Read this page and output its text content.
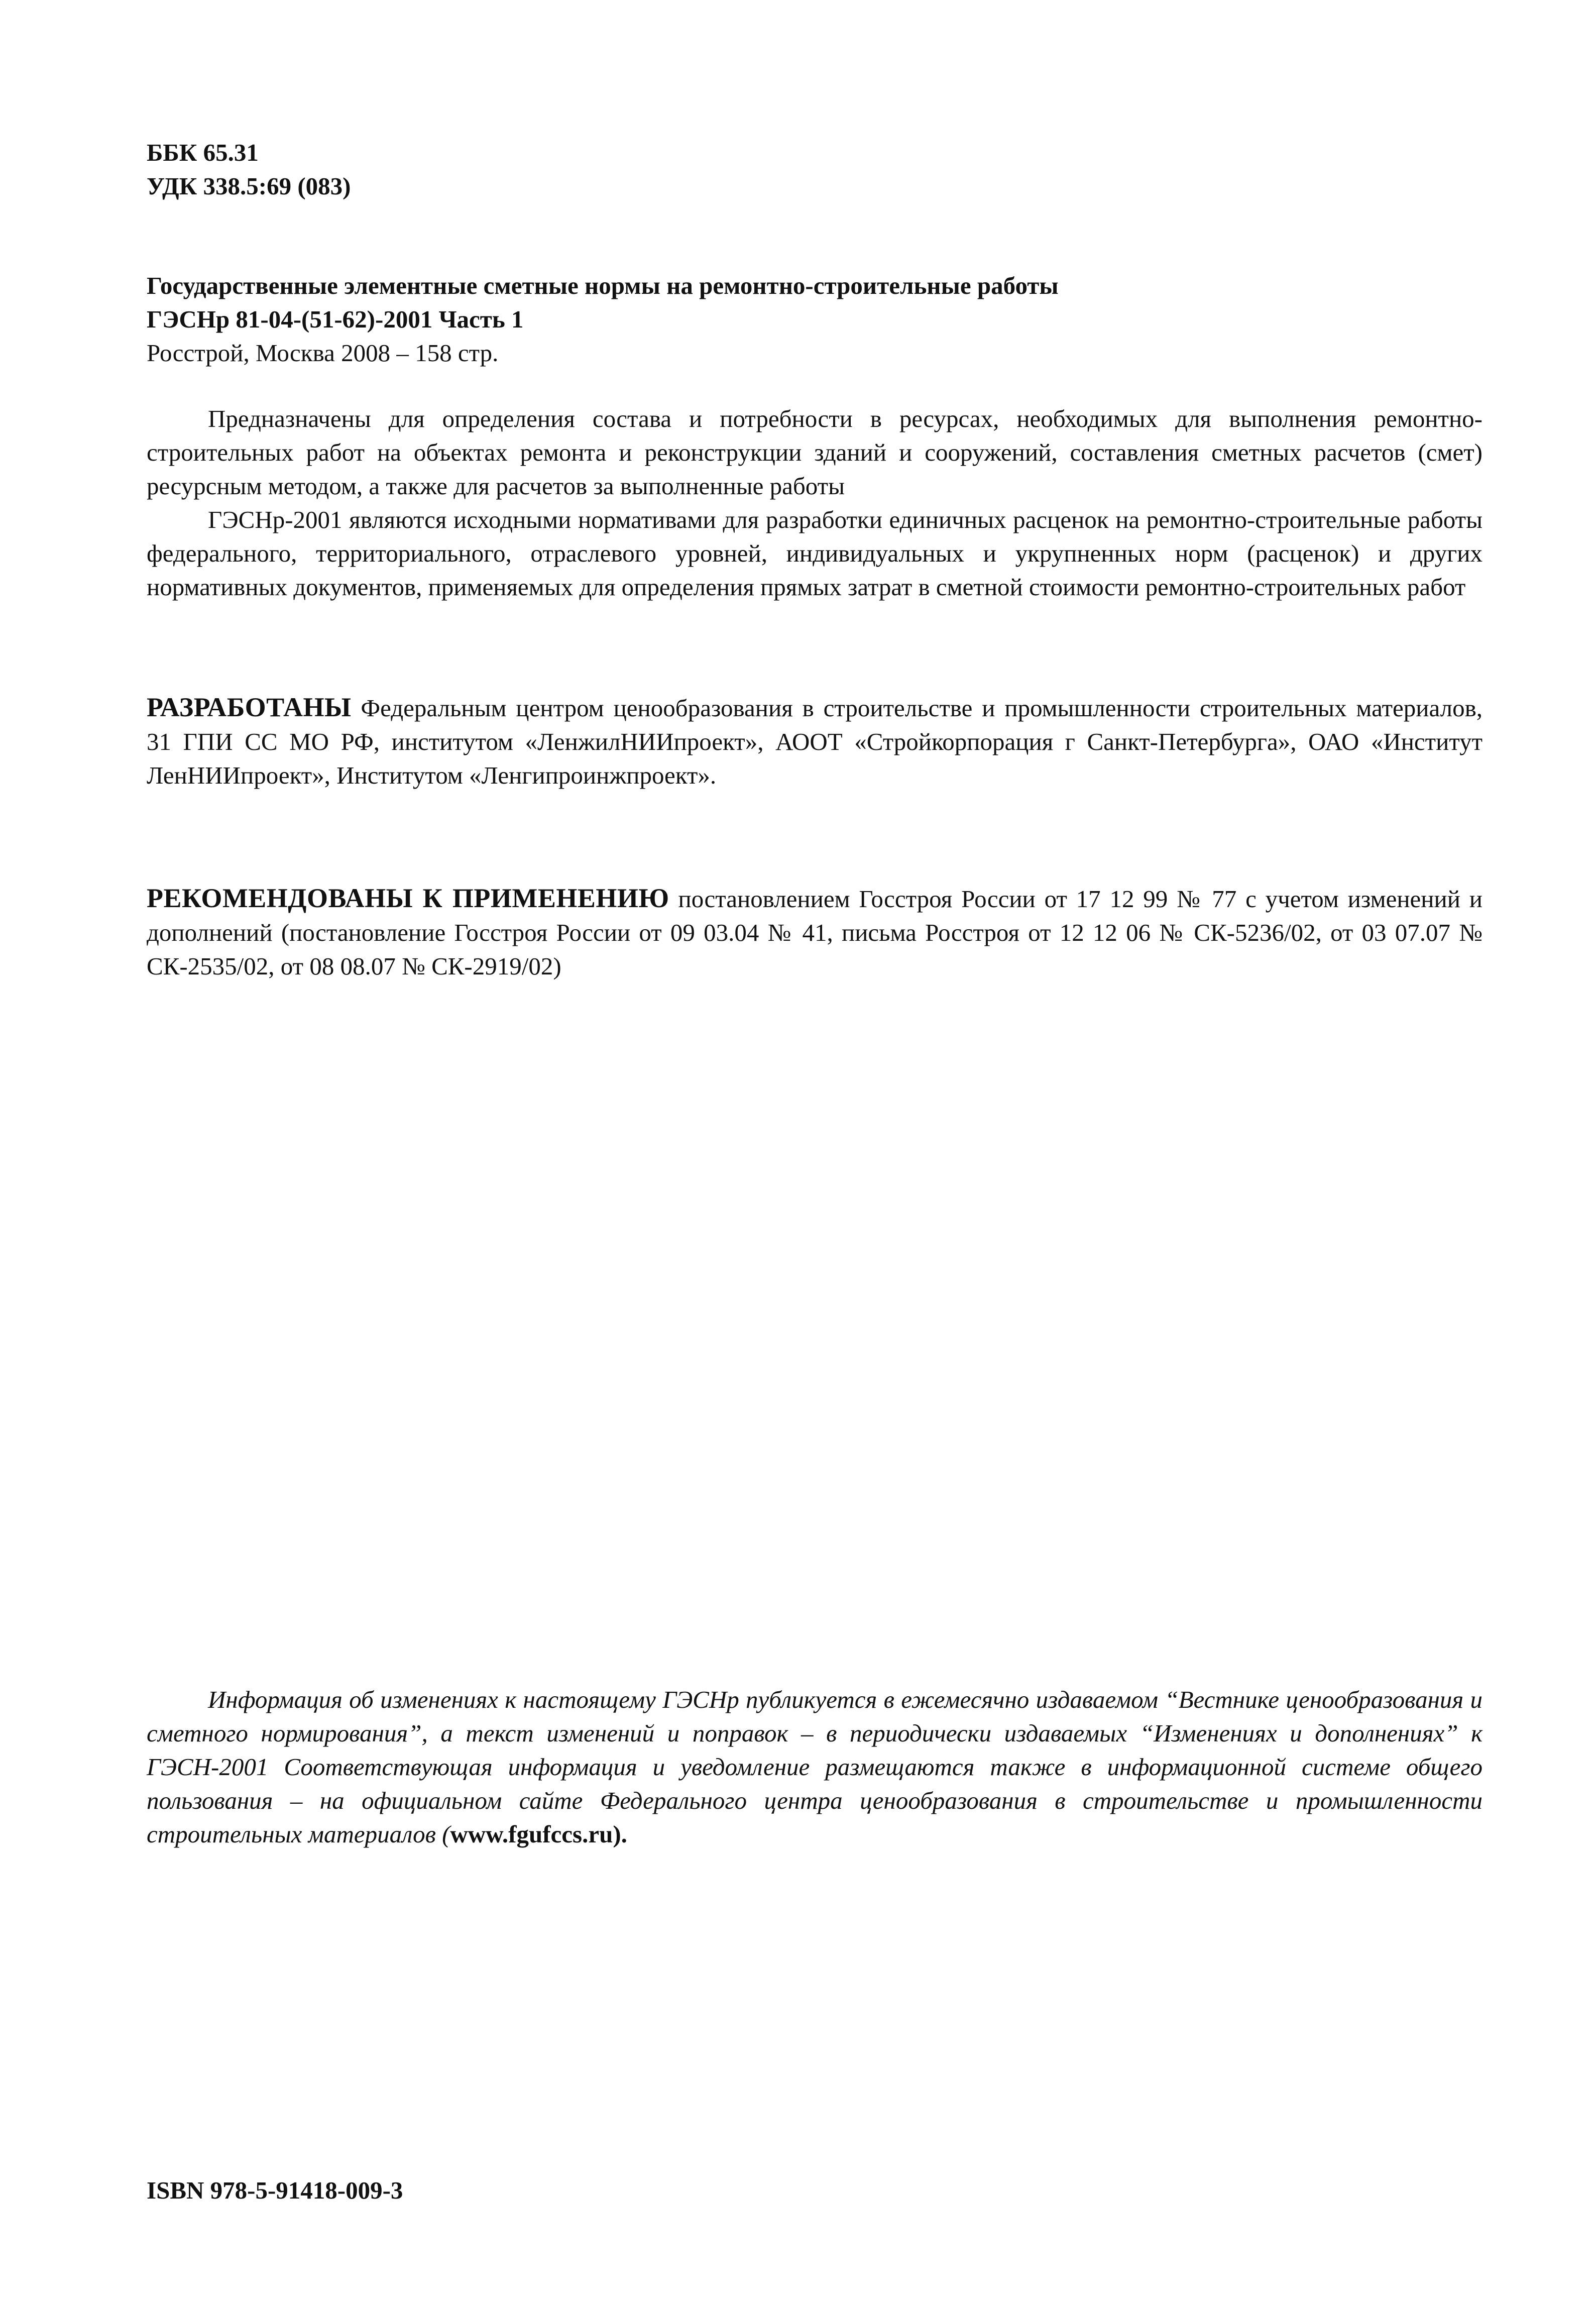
ББК 65.31
УДК 338.5:69 (083)
Государственные элементные сметные нормы на ремонтно-строительные работы
ГЭСНр 81-04-(51-62)-2001 Часть 1
Росстрой, Москва 2008 – 158 стр.
Предназначены для определения состава и потребности в ресурсах, необходимых для выполнения ремонтно-строительных работ на объектах ремонта и реконструкции зданий и сооружений, составления сметных расчетов (смет) ресурсным методом, а также для расчетов за выполненные работы
ГЭСНр-2001 являются исходными нормативами для разработки единичных расценок на ремонтно-строительные работы федерального, территориального, отраслевого уровней, индивидуальных и укрупненных норм (расценок) и других нормативных документов, применяемых для определения прямых затрат в сметной стоимости ремонтно-строительных работ
РАЗРАБОТАНЫ Федеральным центром ценообразования в строительстве и промышленности строительных материалов, 31 ГПИ СС МО РФ, институтом «ЛенжилНИИпроект», АООТ «Стройкорпорация г Санкт-Петербурга», ОАО «Институт ЛенНИИпроект», Институтом «Ленгипроинжпроект».
РЕКОМЕНДОВАНЫ К ПРИМЕНЕНИЮ постановлением Госстроя России от 17 12 99 № 77 с учетом изменений и дополнений (постановление Госстроя России от 09 03.04 № 41, письма Росстроя от 12 12 06 № СК-5236/02, от 03 07.07 № СК-2535/02, от 08 08.07 № СК-2919/02)
Информация об изменениях к настоящему ГЭСНр публикуется в ежемесячно издаваемом “Вестнике ценообразования и сметного нормирования”, а текст изменений и поправок – в периодически издаваемых “Изменениях и дополнениях” к ГЭСН-2001 Соответствующая информация и уведомление размещаются также в информационной системе общего пользования – на официальном сайте Федерального центра ценообразования в строительстве и промышленности строительных материалов (www.fgufccs.ru).
ISBN 978-5-91418-009-3
